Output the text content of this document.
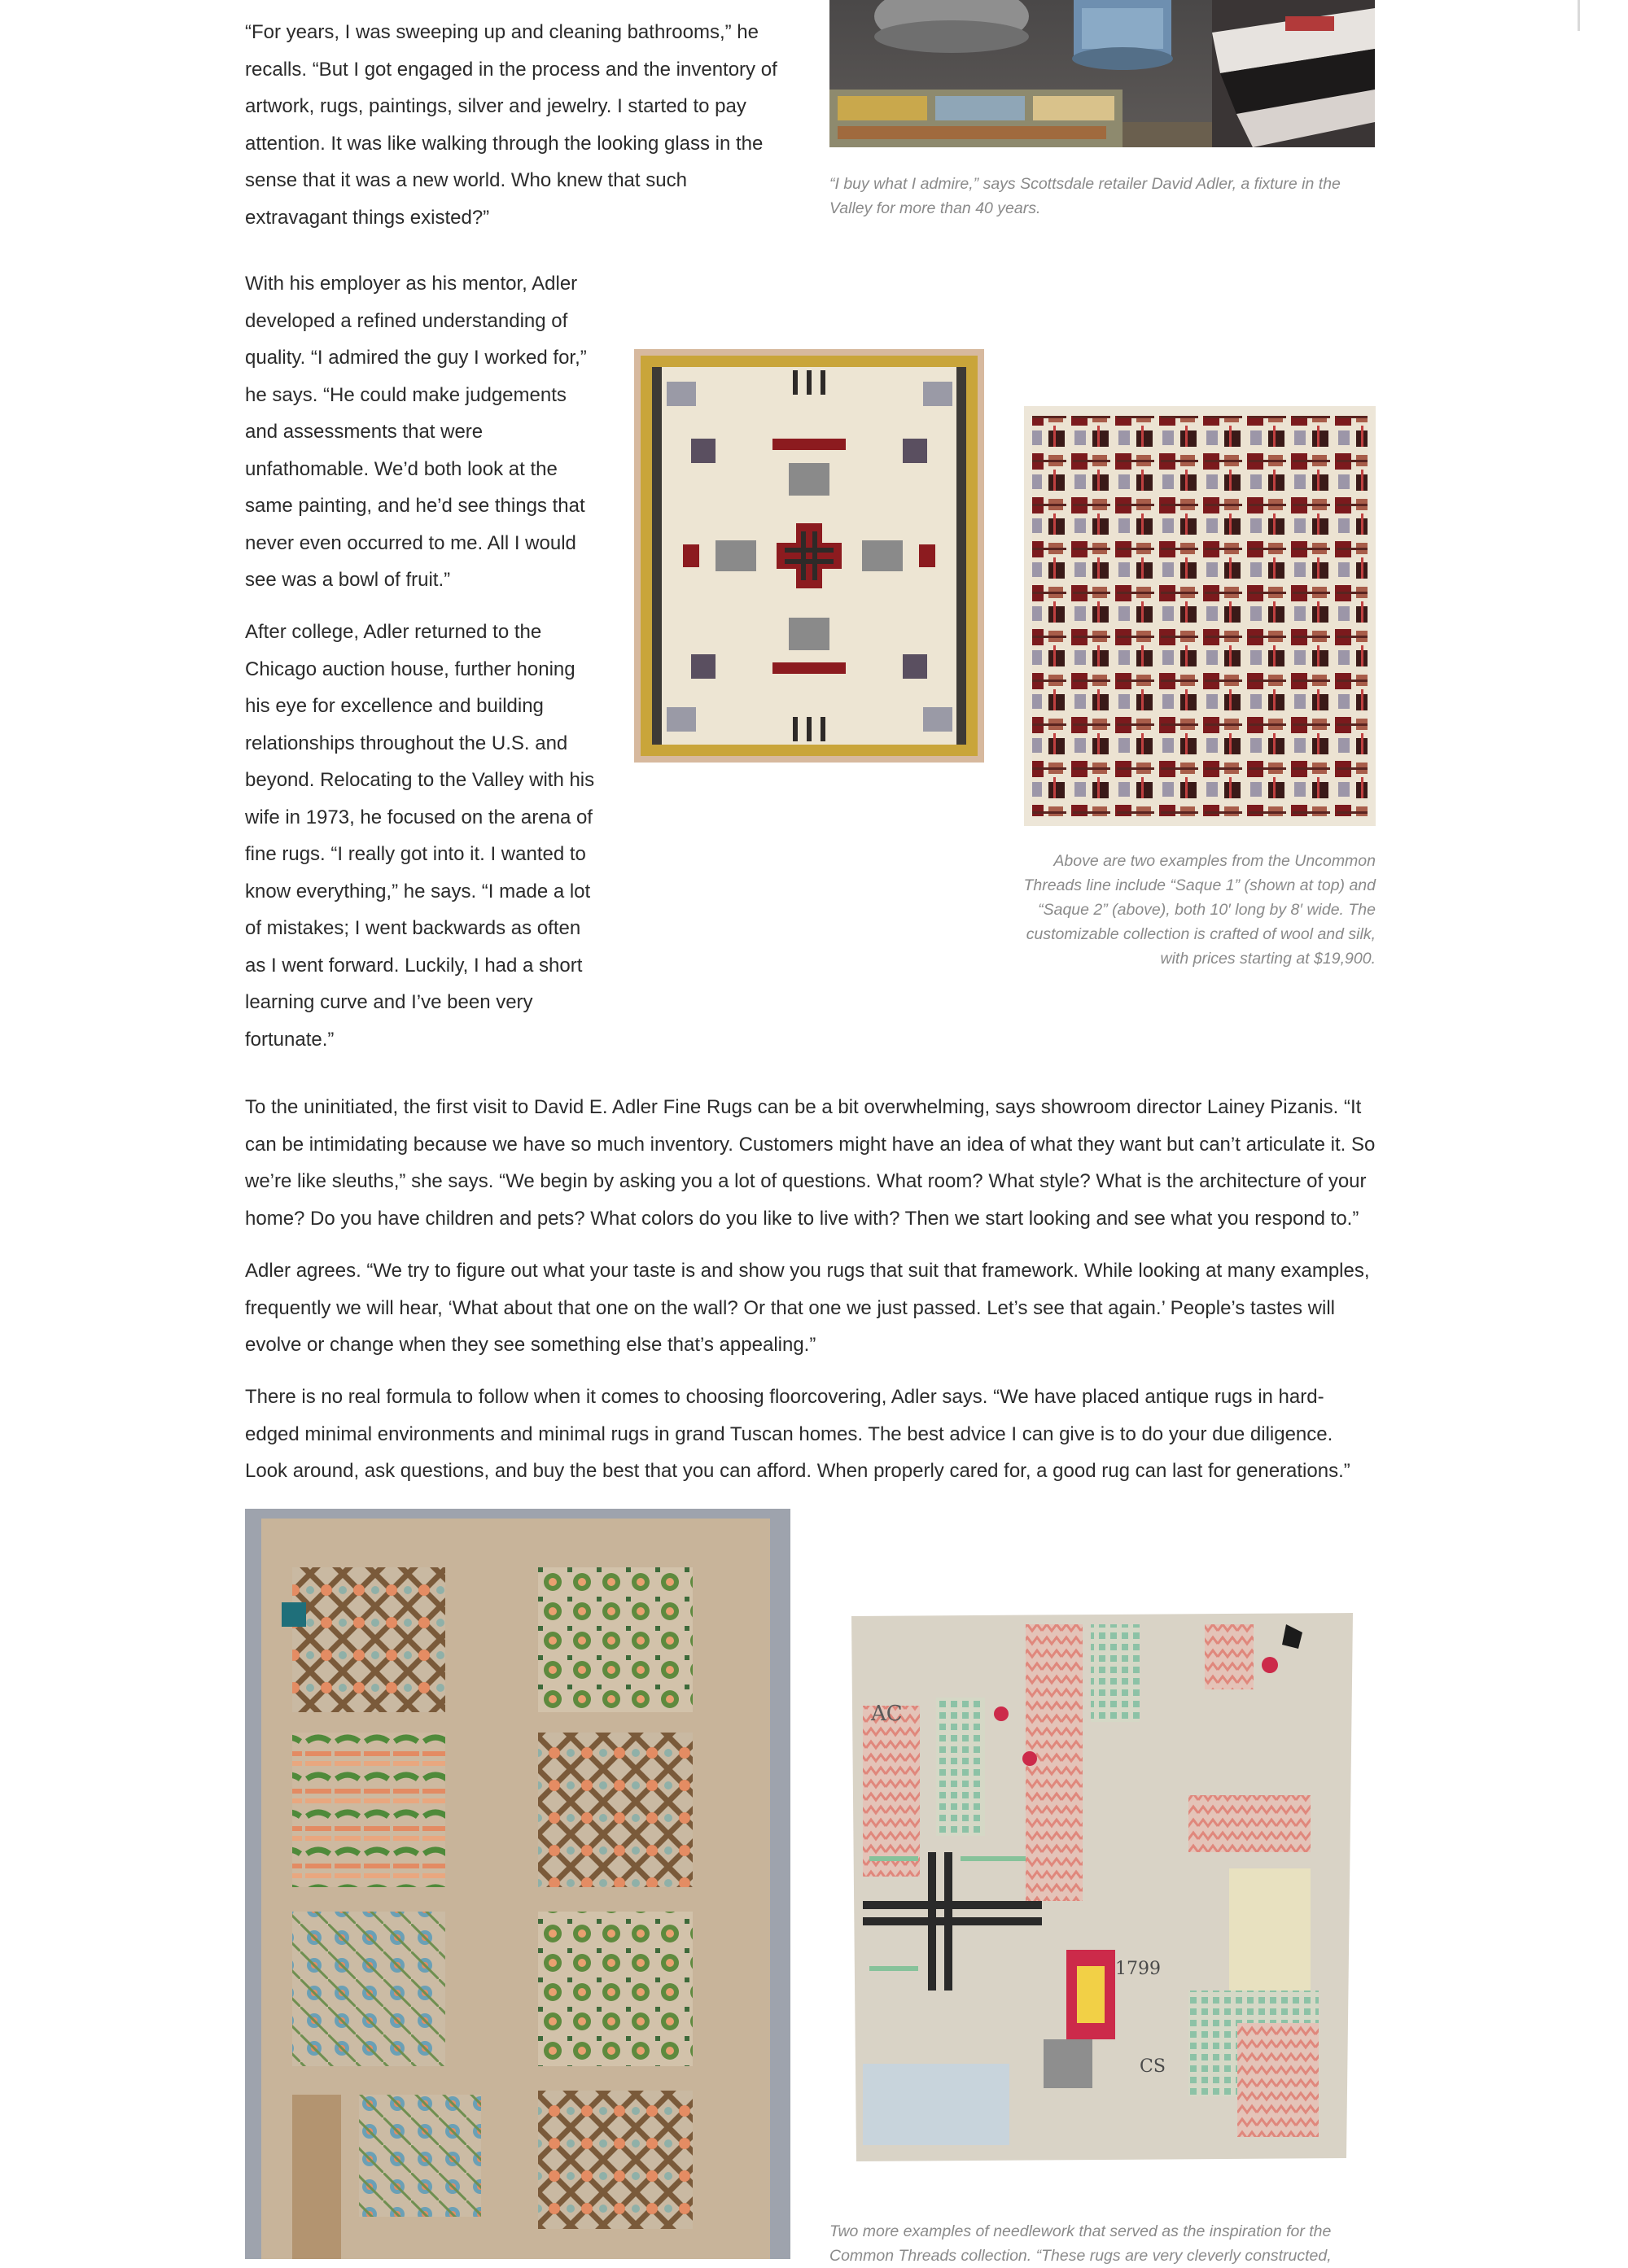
“For years, I was sweeping up and cleaning bathrooms,” he recalls. “But I got engaged in the process and the inventory of artwork, rugs, paintings, silver and jewelry. I started to pay attention. It was like walking through the looking glass in the sense that it was a new world. Who knew that such extravagant things existed?”

“I buy what I admire,” says Scottsdale retailer David Adler, a fixture in the Valley for more than 40 years.

With his employer as his mentor, Adler developed a refined understanding of quality. “I admired the guy I worked for,” he says. “He could make judgements and assessments that were unfathomable. We’d both look at the same painting, and he’d see things that never even occurred to me. All I would see was a bowl of fruit.”

After college, Adler returned to the Chicago auction house, further honing his eye for excellence and building relationships throughout the U.S. and beyond. Relocating to the Valley with his wife in 1973, he focused on the arena of fine rugs. “I really got into it. I wanted to know everything,” he says. “I made a lot of mistakes; I went backwards as often as I went forward. Luckily, I had a short learning curve and I’ve been very fortunate.”

Above are two examples from the Uncommon Threads line include “Saque 1” (shown at top) and “Saque 2” (above), both 10′ long by 8′ wide. The customizable collection is crafted of wool and silk, with prices starting at $19,900.

To the uninitiated, the first visit to David E. Adler Fine Rugs can be a bit overwhelming, says showroom director Lainey Pizanis. “It can be intimidating because we have so much inventory. Customers might have an idea of what they want but can’t articulate it. So we’re like sleuths,” she says. “We begin by asking you a lot of questions. What room? What style? What is the architecture of your home? Do you have children and pets? What colors do you like to live with? Then we start looking and see what you respond to.”

Adler agrees. “We try to figure out what your taste is and show you rugs that suit that framework. While looking at many examples, frequently we will hear, ‘What about that one on the wall? Or that one we just passed. Let’s see that again.’ People’s tastes will evolve or change when they see something else that’s appealing.”

There is no real formula to follow when it comes to choosing floorcovering, Adler says. “We have placed antique rugs in hard-edged minimal environments and minimal rugs in grand Tuscan homes. The best advice I can give is to do your due diligence. Look around, ask questions, and buy the best that you can afford. When properly cared for, a good rug can last for generations.”

AC
CS
1799

Two more examples of needlework that served as the inspiration for the Common Threads collection. “These rugs are very cleverly constructed,
